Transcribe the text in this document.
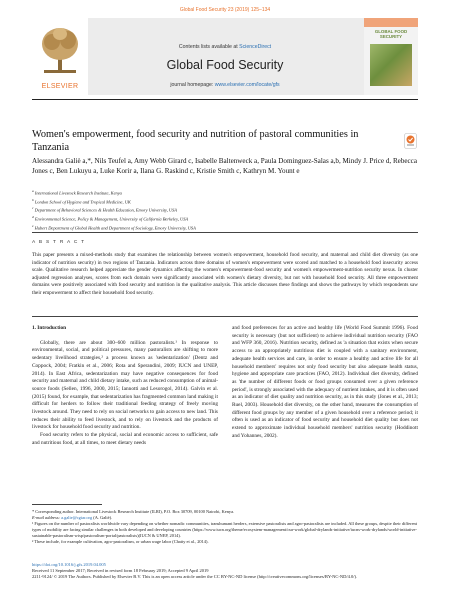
Global Food Security 23 (2019) 125–134
ELSEVIER
Contents lists available at ScienceDirect
Global Food Security
journal homepage: www.elsevier.com/locate/gfs
GLOBAL FOOD SECURITY
Women's empowerment, food security and nutrition of pastoral communities in Tanzania
Alessandra Galiè a,*, Nils Teufel a, Amy Webb Girard c, Isabelle Baltenweck a, Paula Dominguez-Salas a,b, Mindy J. Price d, Rebecca Jones c, Ben Lukuyu a, Luke Korir a, Ilana G. Raskind c, Kristie Smith c, Kathryn M. Yount e
$^a$ International Livestock Research Institute, Kenya
$^b$ London School of Hygiene and Tropical Medicine, UK
$^c$ Department of Behavioral Sciences & Health Education, Emory University, USA
$^d$ Environmental Science, Policy & Management, University of California Berkeley, USA
$^e$ Hubert Department of Global Health and Department of Sociology, Emory University, USA
A B S T R A C T
This paper presents a mixed-methods study that examines the relationship between women's empowerment, household food security, and maternal and child diet diversity (as one indicator of nutrition security) in two regions of Tanzania. Indicators across three domains of women's empowerment were scored and matched to a household food insecurity access scale. Qualitative research helped appreciate the gender dynamics affecting the women's empowerment-food security and women's empowerment-nutrition security nexus. In cluster adjusted regression analyses, scores from each domain were significantly associated with women's dietary diversity, but not with household food security. All three empowerment domains were positively associated with food security and nutrition in the qualitative analysis. This article discusses these findings and shows the pathways by which respondents saw their empowerment to affect their household food security.
1. Introduction

Globally, there are about 300–600 million pastoralists.¹ In response to environmental, social, and political pressures, many pastoralists are shifting to more sedentary livelihood strategies,² a process known as 'sedentarization' (Dentz and Coppock, 2004; Fratkin et al., 2006; Rota and Sperandini, 2009; IUCN and UNEP, 2014). In East Africa, sedentarization may have negative consequences for food security and maternal and child dietary intake, such as reduced consumption of animal-source foods (Sellen, 1996, 2000, 2015; Iannotti and Lesorogol, 2014). Galvin et al. (2015) found, for example, that sedentarization has fragmented common land making it difficult for herders to follow their traditional feeding strategy of freely moving livestock around. They need to rely on social networks to gain access to new land. This reduces their ability to feed livestock, and to rely on livestock and the products of livestock for household food security and nutrition.

Food security refers to the physical, social and economic access to sufficient, safe and nutritious food, at all times, to meet dietary needs

and food preferences for an active and healthy life (World Food Summit 1996). Food security is necessary (but not sufficient) to achieve individual nutrition security (FAO and WFP 360, 2016). Nutrition security, defined as 'a situation that exists when secure access to an appropriately nutritious diet is coupled with a sanitary environment, adequate health services and care, in order to ensure a healthy and active life for all household members' requires not only food security but also adequate health status, hygiene and appropriate care practices (FAO, 2012). Individual diet diversity, defined as 'the number of different foods or food groups consumed over a given reference period', is strongly associated with the adequacy of nutrient intakes, and it is often used as an indicator of diet quality and nutrition security, as in this study (Jones et al., 2013; Ruel, 2003). Household diet diversity, on the other hand, measures the consumption of different food groups by any member of a given household over a reference period; it often is used as an indicator of food security and household diet quality but does not extend to approximate individual household members' nutrition security (Hoddinott and Yohannes, 2002).

* Corresponding author. International Livestock Research Institute (ILRI), P.O. Box 30709, 00100 Nairobi, Kenya.
E-mail address: a.galie@cgiar.org (A. Galiè).
¹ Figures on the number of pastoralists worldwide vary depending on whether nomadic communities, transhumant herders, extensive pastoralists and agro-pastoralists are included. All these groups, despite their different types of mobility are facing similar challenges in both developed and developing countries (https://www.iucn.org/theme/ecosystem-management/our-work/global-drylands-initiative/iucns-work-drylands/world-initiative-sustainable-pastoralism-wisp/pastoralism-portal/pastoralists)(IUCN & UNEP, 2014).
² These include, for example cultivation, agro-pastoralism, or urban wage labor (Chatty et al., 2014).
https://doi.org/10.1016/j.gfs.2019.04.005
Received 11 September 2017; Received in revised form 18 February 2019; Accepted 9 April 2019
2211-9124/ © 2019 The Authors. Published by Elsevier B.V. This is an open access article under the CC BY-NC-ND license (http://creativecommons.org/licenses/BY-NC-ND/4.0/).
